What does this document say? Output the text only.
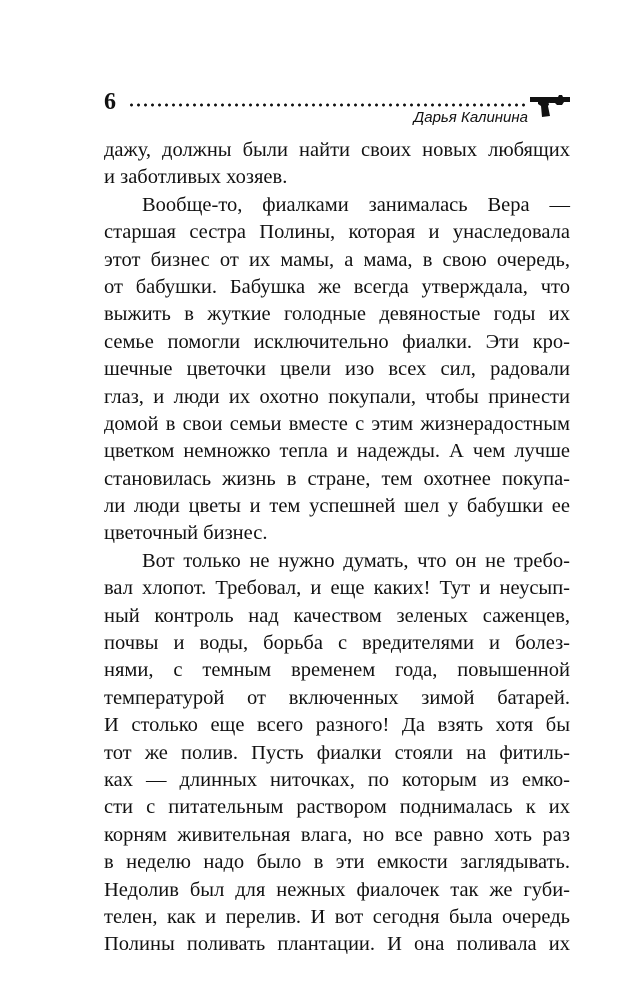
6
Дарья Калинина
дажу, должны были найти своих новых любящих
и заботливых хозяев.
Вообще-то, фиалками занималась Вера —
старшая сестра Полины, которая и унаследовала
этот бизнес от их мамы, а мама, в свою очередь,
от бабушки. Бабушка же всегда утверждала, что
выжить в жуткие голодные девяностые годы их
семье помогли исключительно фиалки. Эти кро-
шечные цветочки цвели изо всех сил, радовали
глаз, и люди их охотно покупали, чтобы принести
домой в свои семьи вместе с этим жизнерадостным
цветком немножко тепла и надежды. А чем лучше
становилась жизнь в стране, тем охотнее покупа-
ли люди цветы и тем успешней шел у бабушки ее
цветочный бизнес.
Вот только не нужно думать, что он не требо-
вал хлопот. Требовал, и еще каких! Тут и неусып-
ный контроль над качеством зеленых саженцев,
почвы и воды, борьба с вредителями и болез-
нями, с темным временем года, повышенной
температурой от включенных зимой батарей.
И столько еще всего разного! Да взять хотя бы
тот же полив. Пусть фиалки стояли на фитиль-
ках — длинных ниточках, по которым из емко-
сти с питательным раствором поднималась к их
корням живительная влага, но все равно хоть раз
в неделю надо было в эти емкости заглядывать.
Недолив был для нежных фиалочек так же губи-
телен, как и перелив. И вот сегодня была очередь
Полины поливать плантации. И она поливала их
